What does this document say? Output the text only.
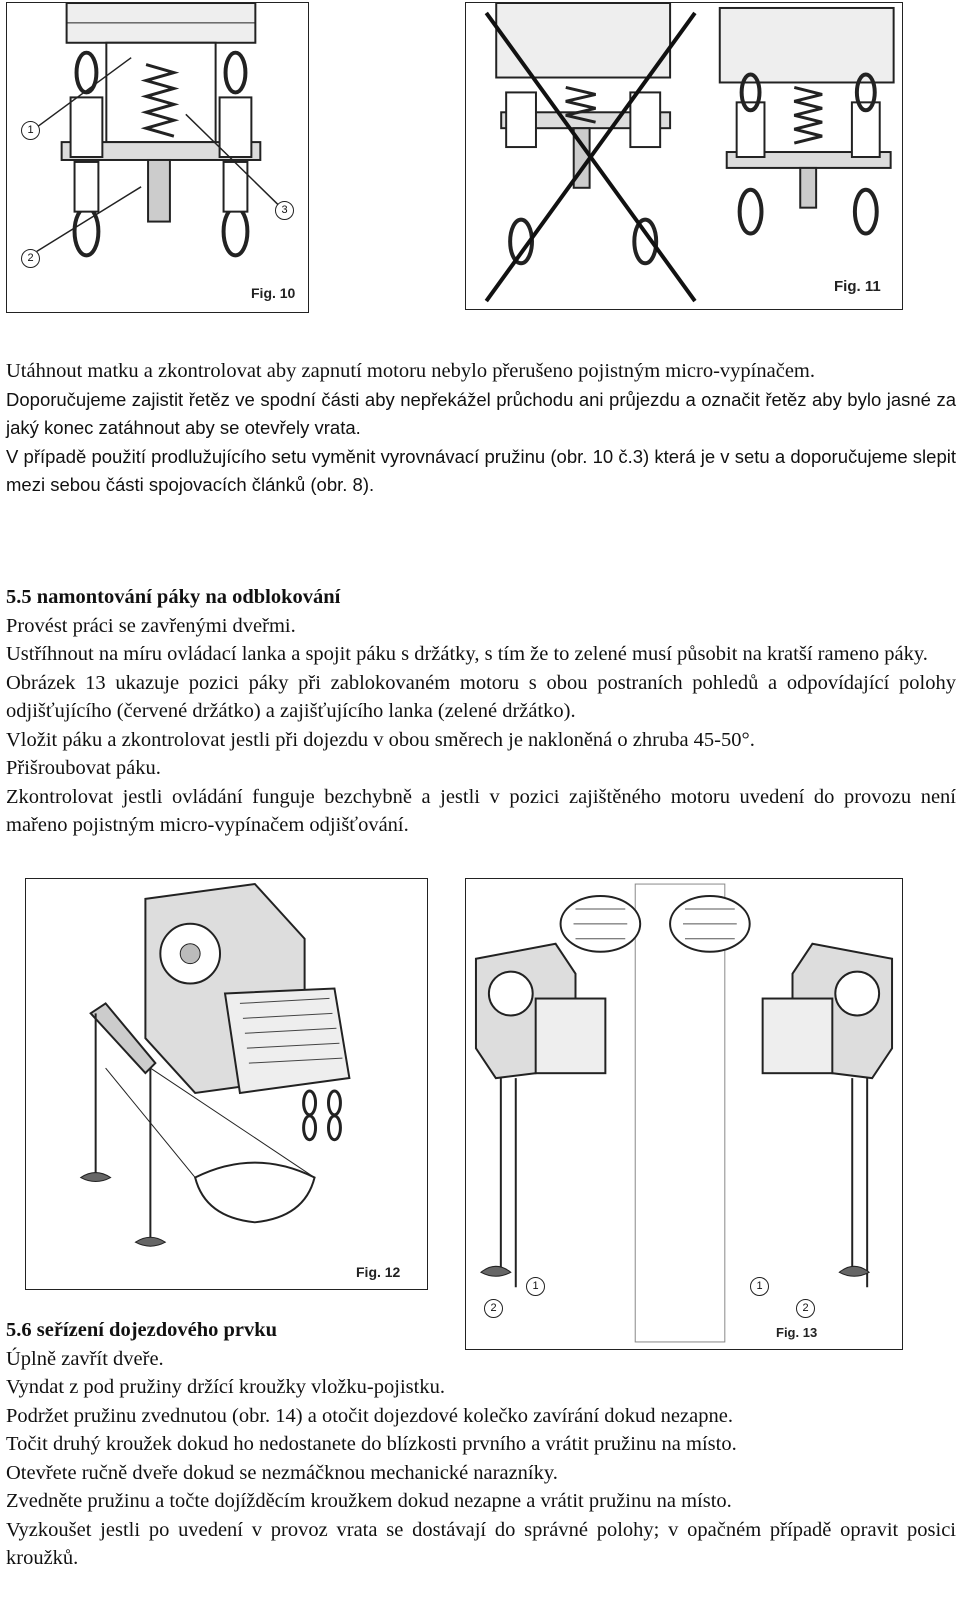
1
2
3
Fig. 10	Fig. 11

Utáhnout matku a zkontrolovat aby zapnutí motoru nebylo přerušeno pojistným micro-vypínačem.

Doporučujeme zajistit řetěz ve spodní části aby nepřekážel průchodu ani průjezdu a označit řetěz aby bylo jasné za jaký konec zatáhnout aby se otevřely vrata.

V případě použití prodlužujícího setu vyměnit vyrovnávací pružinu (obr. 10 č.3) která je v setu a doporučujeme slepit mezi sebou části spojovacích článků (obr. 8).

5.5 namontování páky na odblokování

Provést práci se zavřenými dveřmi.

Ustříhnout na míru ovládací lanka a spojit páku s držátky, s tím že to zelené musí působit na kratší rameno páky.

Obrázek 13 ukazuje pozici páky při zablokovaném motoru s obou postraních pohledů a odpovídající polohy odjišťujícího (červené držátko) a zajišťujícího lanka (zelené držátko).

Vložit páku a zkontrolovat jestli při dojezdu v obou směrech je nakloněná o zhruba 45-50°.

Přišroubovat páku.

Zkontrolovat jestli ovládání funguje bezchybně a jestli v pozici zajištěného motoru uvedení do provozu není mařeno pojistným micro-vypínačem odjišťování.

Fig. 12
1
2
1
2
Fig. 13
5.6 seřízení dojezdového prvku

Úplně zavřít dveře.

Vyndat z pod pružiny držící kroužky vložku-pojistku.

Podržet pružinu zvednutou (obr. 14) a otočit dojezdové kolečko zavírání dokud nezapne.

Točit druhý kroužek dokud ho nedostanete do blízkosti prvního a vrátit pružinu na místo.

Otevřete ručně dveře dokud se nezmáčknou mechanické narazníky.

Zvedněte pružinu a točte dojížděcím kroužkem dokud nezapne a vrátit pružinu na místo.

Vyzkoušet jestli po uvedení v provoz vrata se dostávají do správné polohy; v opačném případě opravit posici kroužků.
